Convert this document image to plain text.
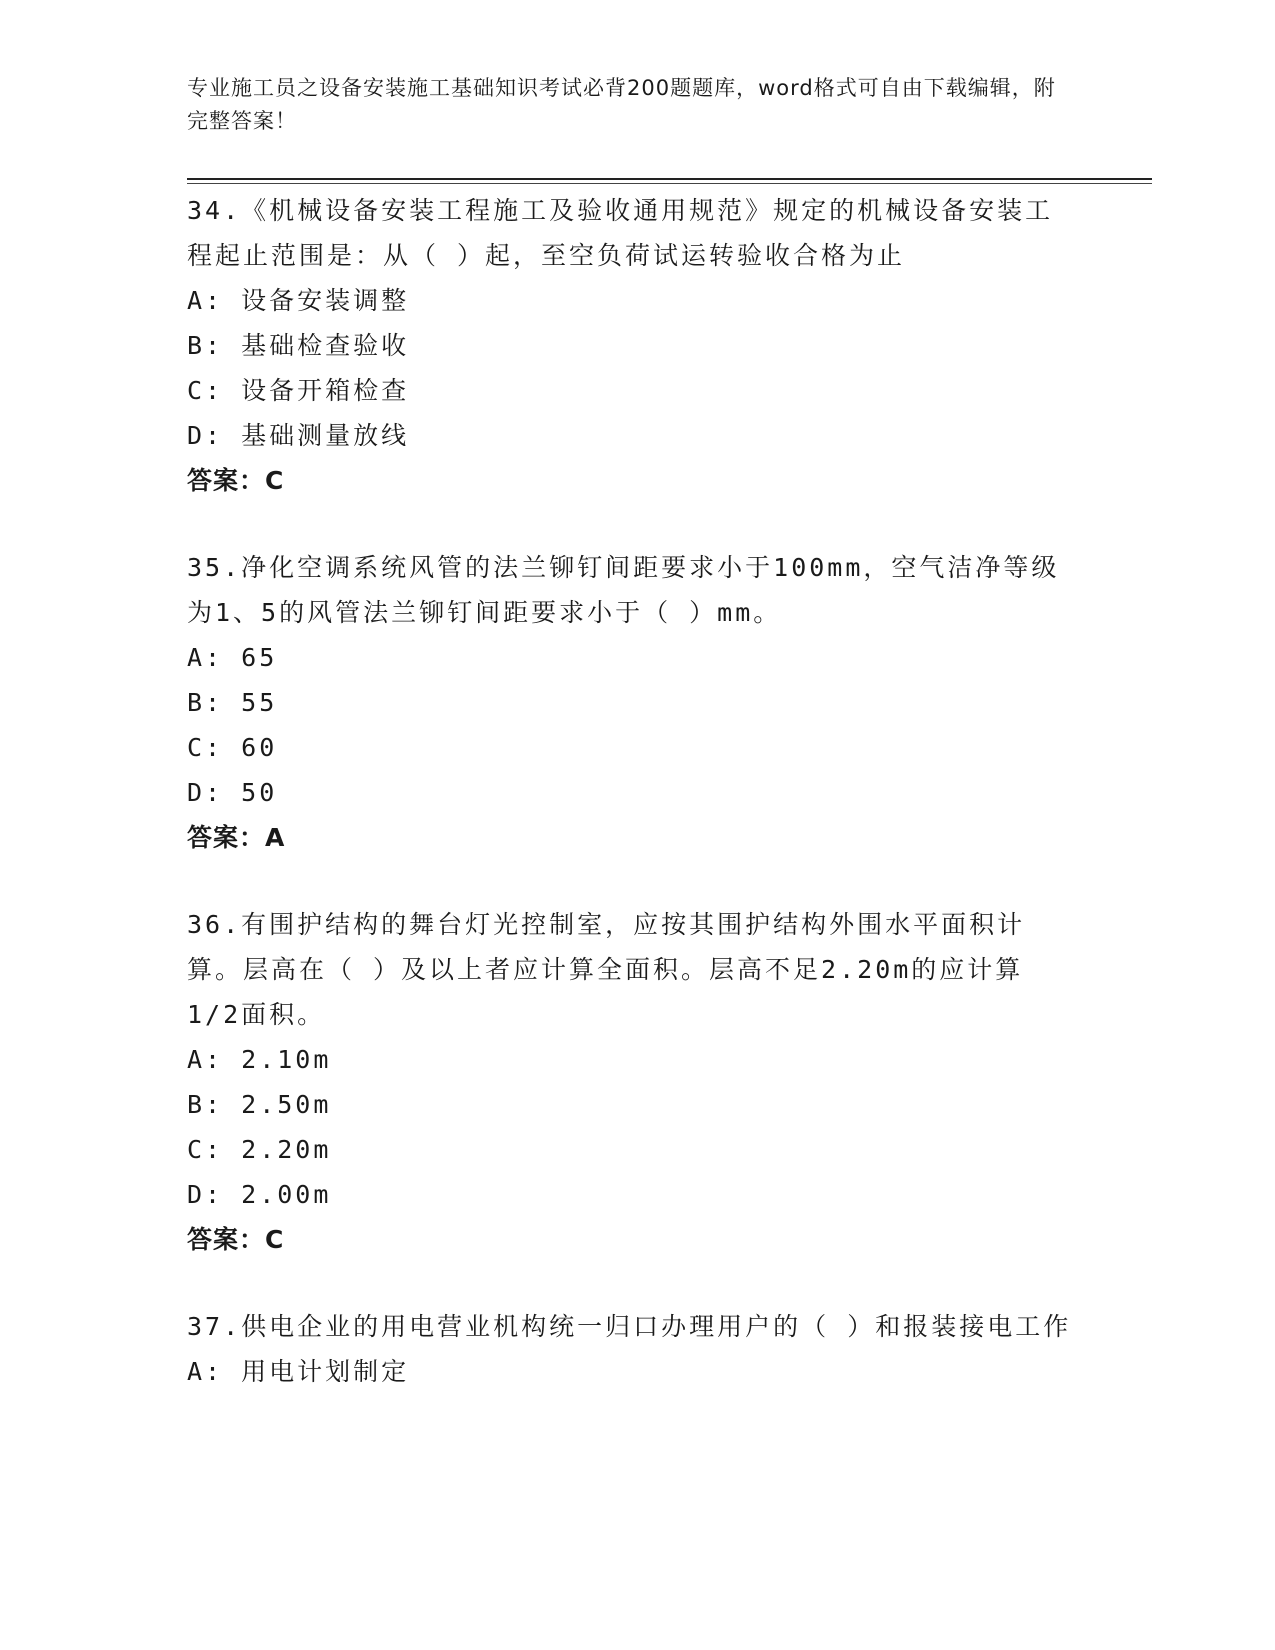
专业施工员之设备安装施工基础知识考试必背200题题库，word格式可自由下载编辑，附完整答案！

34.《机械设备安装工程施工及验收通用规范》规定的机械设备安装工程起止范围是：从（ ）起，至空负荷试运转验收合格为止

A: 设备安装调整

B: 基础检查验收

C: 设备开箱检查

D: 基础测量放线

答案：C

35.净化空调系统风管的法兰铆钉间距要求小于100mm，空气洁净等级为1、5的风管法兰铆钉间距要求小于（ ）mm。

A: 65

B: 55

C: 60

D: 50

答案：A

36.有围护结构的舞台灯光控制室，应按其围护结构外围水平面积计算。层高在（ ）及以上者应计算全面积。层高不足2.20m的应计算1/2面积。

A: 2.10m

B: 2.50m

C: 2.20m

D: 2.00m

答案：C

37.供电企业的用电营业机构统一归口办理用户的（ ）和报装接电工作

A: 用电计划制定
